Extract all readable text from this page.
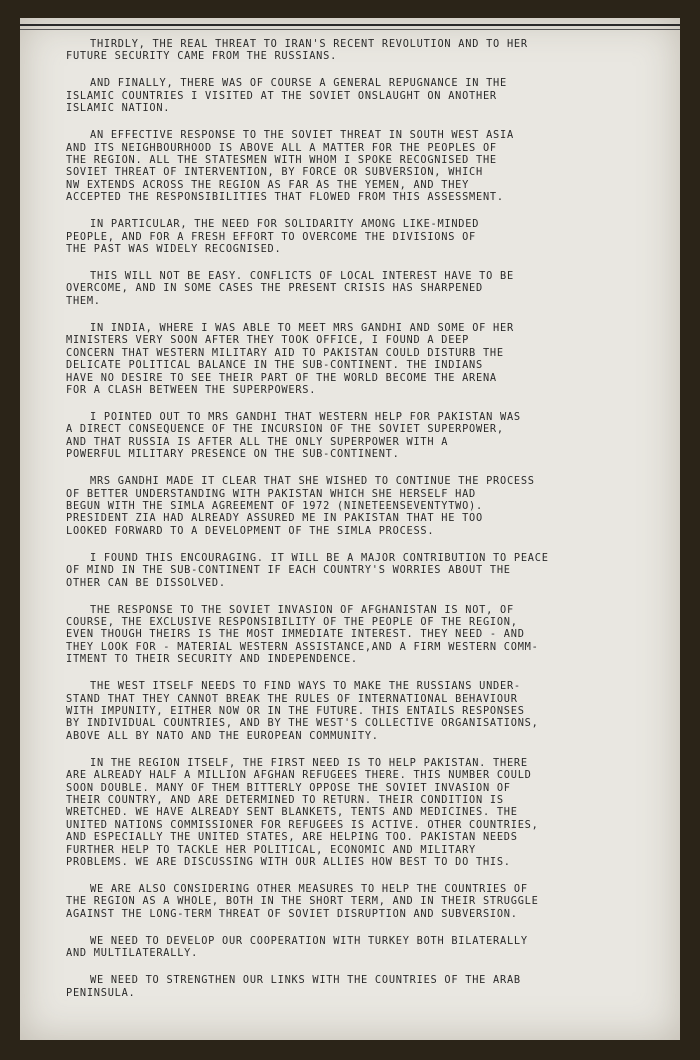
THIRDLY, THE REAL THREAT TO IRAN'S RECENT REVOLUTION AND TO HER
FUTURE SECURITY CAME FROM THE RUSSIANS.

AND FINALLY, THERE WAS OF COURSE A GENERAL REPUGNANCE IN THE
ISLAMIC COUNTRIES I VISITED AT THE SOVIET ONSLAUGHT ON ANOTHER
ISLAMIC NATION.

AN EFFECTIVE RESPONSE TO THE SOVIET THREAT IN SOUTH WEST ASIA
AND ITS NEIGHBOURHOOD IS ABOVE ALL A MATTER FOR THE PEOPLES OF
THE REGION. ALL THE STATESMEN WITH WHOM I SPOKE RECOGNISED THE
SOVIET THREAT OF INTERVENTION, BY FORCE OR SUBVERSION, WHICH
NW EXTENDS ACROSS THE REGION AS FAR AS THE YEMEN, AND THEY
ACCEPTED THE RESPONSIBILITIES THAT FLOWED FROM THIS ASSESSMENT.

IN PARTICULAR, THE NEED FOR SOLIDARITY AMONG LIKE-MINDED
PEOPLE, AND FOR A FRESH EFFORT TO OVERCOME THE DIVISIONS OF
THE PAST WAS WIDELY RECOGNISED.

THIS WILL NOT BE EASY. CONFLICTS OF LOCAL INTEREST HAVE TO BE
OVERCOME, AND IN SOME CASES THE PRESENT CRISIS HAS SHARPENED
THEM.

IN INDIA, WHERE I WAS ABLE TO MEET MRS GANDHI AND SOME OF HER
MINISTERS VERY SOON AFTER THEY TOOK OFFICE, I FOUND A DEEP
CONCERN THAT WESTERN MILITARY AID TO PAKISTAN COULD DISTURB THE
DELICATE POLITICAL BALANCE IN THE SUB-CONTINENT. THE INDIANS
HAVE NO DESIRE TO SEE THEIR PART OF THE WORLD BECOME THE ARENA
FOR A CLASH BETWEEN THE SUPERPOWERS.

I POINTED OUT TO MRS GANDHI THAT WESTERN HELP FOR PAKISTAN WAS
A DIRECT CONSEQUENCE OF THE INCURSION OF THE SOVIET SUPERPOWER,
AND THAT RUSSIA IS AFTER ALL THE ONLY SUPERPOWER WITH A
POWERFUL MILITARY PRESENCE ON THE SUB-CONTINENT.

MRS GANDHI MADE IT CLEAR THAT SHE WISHED TO CONTINUE THE PROCESS
OF BETTER UNDERSTANDING WITH PAKISTAN WHICH SHE HERSELF HAD
BEGUN WITH THE SIMLA AGREEMENT OF 1972 (NINETEENSEVENTYTWO).
PRESIDENT ZIA HAD ALREADY ASSURED ME IN PAKISTAN THAT HE TOO
LOOKED FORWARD TO A DEVELOPMENT OF THE SIMLA PROCESS.

I FOUND THIS ENCOURAGING. IT WILL BE A MAJOR CONTRIBUTION TO PEACE
OF MIND IN THE SUB-CONTINENT IF EACH COUNTRY'S WORRIES ABOUT THE
OTHER CAN BE DISSOLVED.

THE RESPONSE TO THE SOVIET INVASION OF AFGHANISTAN IS NOT, OF
COURSE, THE EXCLUSIVE RESPONSIBILITY OF THE PEOPLE OF THE REGION,
EVEN THOUGH THEIRS IS THE MOST IMMEDIATE INTEREST. THEY NEED - AND
THEY LOOK FOR - MATERIAL WESTERN ASSISTANCE,AND A FIRM WESTERN COMM-
ITMENT TO THEIR SECURITY AND INDEPENDENCE.

THE WEST ITSELF NEEDS TO FIND WAYS TO MAKE THE RUSSIANS UNDER-
STAND THAT THEY CANNOT BREAK THE RULES OF INTERNATIONAL BEHAVIOUR
WITH IMPUNITY, EITHER NOW OR IN THE FUTURE. THIS ENTAILS RESPONSES
BY INDIVIDUAL COUNTRIES, AND BY THE WEST'S COLLECTIVE ORGANISATIONS,
ABOVE ALL BY NATO AND THE EUROPEAN COMMUNITY.

IN THE REGION ITSELF, THE FIRST NEED IS TO HELP PAKISTAN. THERE
ARE ALREADY HALF A MILLION AFGHAN REFUGEES THERE. THIS NUMBER COULD
SOON DOUBLE. MANY OF THEM BITTERLY OPPOSE THE SOVIET INVASION OF
THEIR COUNTRY, AND ARE DETERMINED TO RETURN. THEIR CONDITION IS
WRETCHED. WE HAVE ALREADY SENT BLANKETS, TENTS AND MEDICINES. THE
UNITED NATIONS COMMISSIONER FOR REFUGEES IS ACTIVE. OTHER COUNTRIES,
AND ESPECIALLY THE UNITED STATES, ARE HELPING TOO. PAKISTAN NEEDS
FURTHER HELP TO TACKLE HER POLITICAL, ECONOMIC AND MILITARY
PROBLEMS. WE ARE DISCUSSING WITH OUR ALLIES HOW BEST TO DO THIS.

WE ARE ALSO CONSIDERING OTHER MEASURES TO HELP THE COUNTRIES OF
THE REGION AS A WHOLE, BOTH IN THE SHORT TERM, AND IN THEIR STRUGGLE
AGAINST THE LONG-TERM THREAT OF SOVIET DISRUPTION AND SUBVERSION.

WE NEED TO DEVELOP OUR COOPERATION WITH TURKEY BOTH BILATERALLY
AND MULTILATERALLY.

WE NEED TO STRENGTHEN OUR LINKS WITH THE COUNTRIES OF THE ARAB
PENINSULA.
